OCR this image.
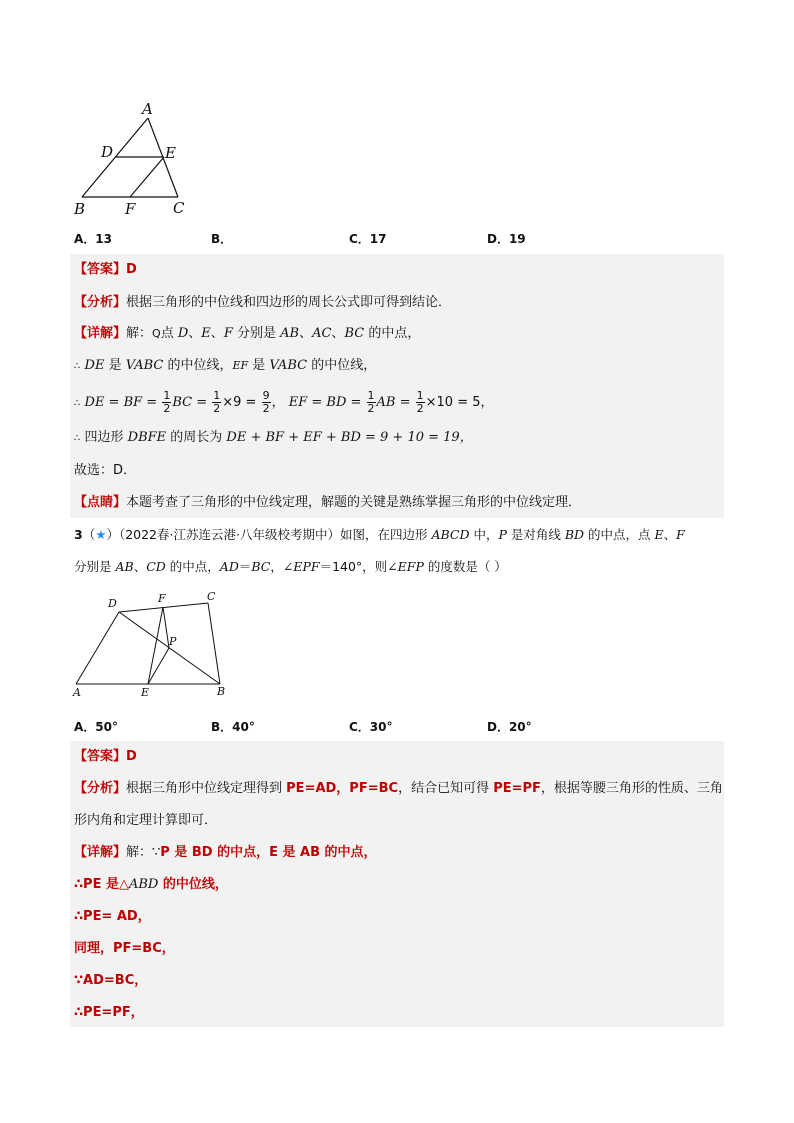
A
D	E
B	F	C
A．13	B．	C．17	D．19
【答案】D
【分析】根据三角形的中位线和四边形的周长公式即可得到结论．
【详解】解：Q点 D、E、F 分别是 AB、AC、BC 的中点，
∴ DE 是 VABC 的中位线，EF 是 VABC 的中位线，
∴ DE = BF = $\frac{1}{2}$ BC = $\frac{1}{2} \times 9 = \frac{9}{2}$ ， EF = BD = $\frac{1}{2}$ AB = $\frac{1}{2} \times 10 = 5$，
∴ 四边形 DBFE 的周长为 DE + BF + EF + BD = 9 + 10 = 19，
故选：D．
【点睛】本题考查了三角形的中位线定理，解题的关键是熟练掌握三角形的中位线定理．
3（★）（2022春·江苏连云港·八年级校考期中）如图，在四边形 ABCD 中，P 是对角线 BD 的中点，点 E、F
分别是 AB、CD 的中点，AD＝BC，∠EPF＝140°，则∠EFP 的度数是（ ）
D	F	C
P
A	E	B
A．50°	B．40°	C．30°	D．20°
【答案】D
【分析】根据三角形中位线定理得到 PE=AD，PF=BC，结合已知可得 PE=PF，根据等腰三角形的性质、三角
形内角和定理计算即可．
【详解】解：∵P 是 BD 的中点，E 是 AB 的中点，
∴PE 是△ABD 的中位线，
∴PE= AD，
同理，PF=BC，
∵AD=BC，
∴PE=PF，
